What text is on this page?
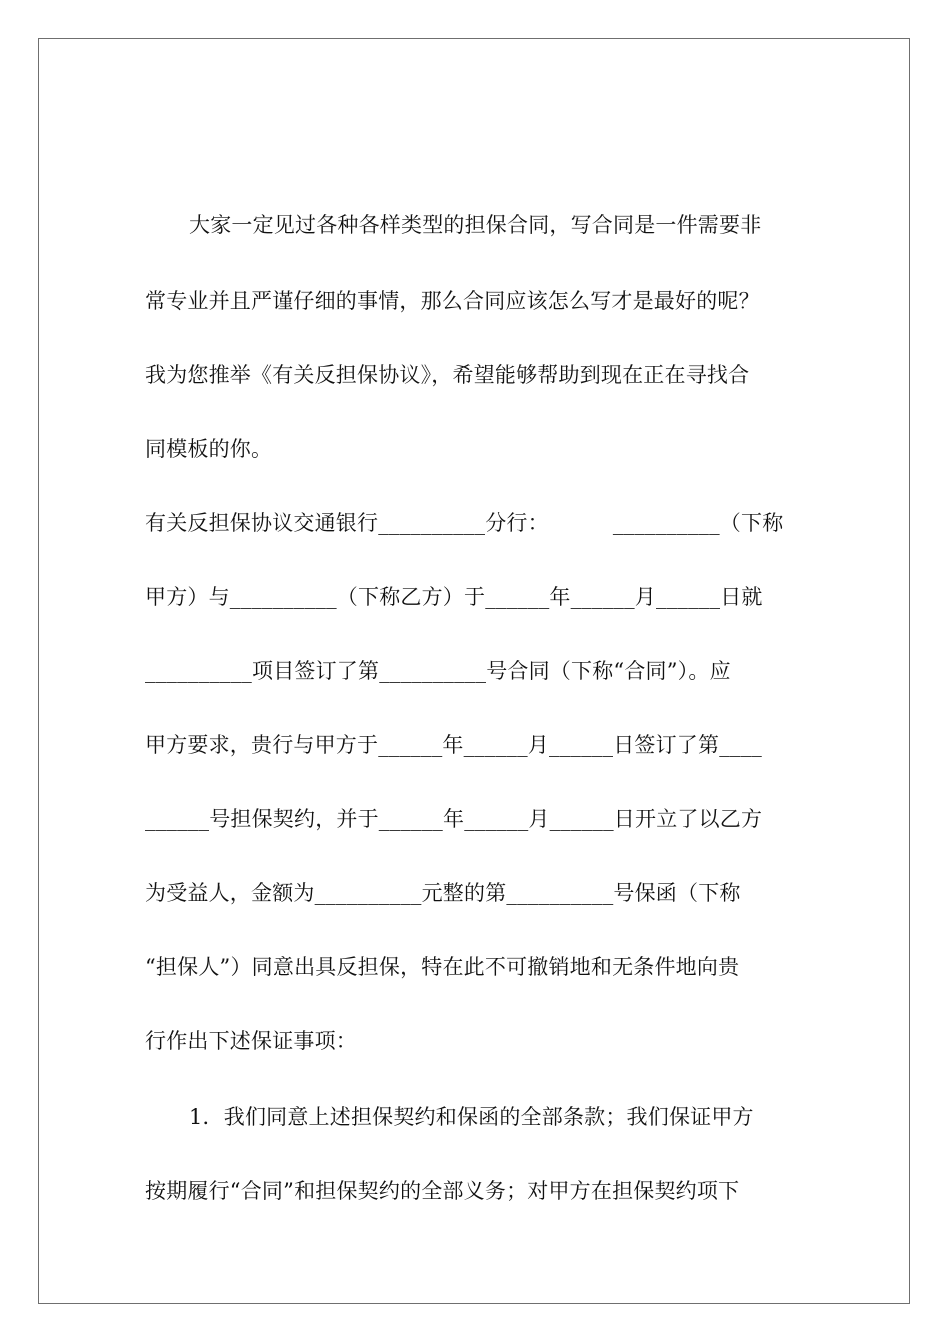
大家一定见过各种各样类型的担保合同，写合同是一件需要非
常专业并且严谨仔细的事情，那么合同应该怎么写才是最好的呢？
我为您推举《有关反担保协议》，希望能够帮助到现在正在寻找合
同模板的你。
有关反担保协议交通银行__________分行：	__________（下称
甲方）与__________（下称乙方）于______年______月______日就
__________项目签订了第__________号合同（下称“合同”）。应
甲方要求，贵行与甲方于______年______月______日签订了第____
______号担保契约，并于______年______月______日开立了以乙方
为受益人，金额为__________元整的第__________号保函（下称
“担保人”）同意出具反担保，特在此不可撤销地和无条件地向贵
行作出下述保证事项：
1．我们同意上述担保契约和保函的全部条款；我们保证甲方
按期履行“合同”和担保契约的全部义务；对甲方在担保契约项下
